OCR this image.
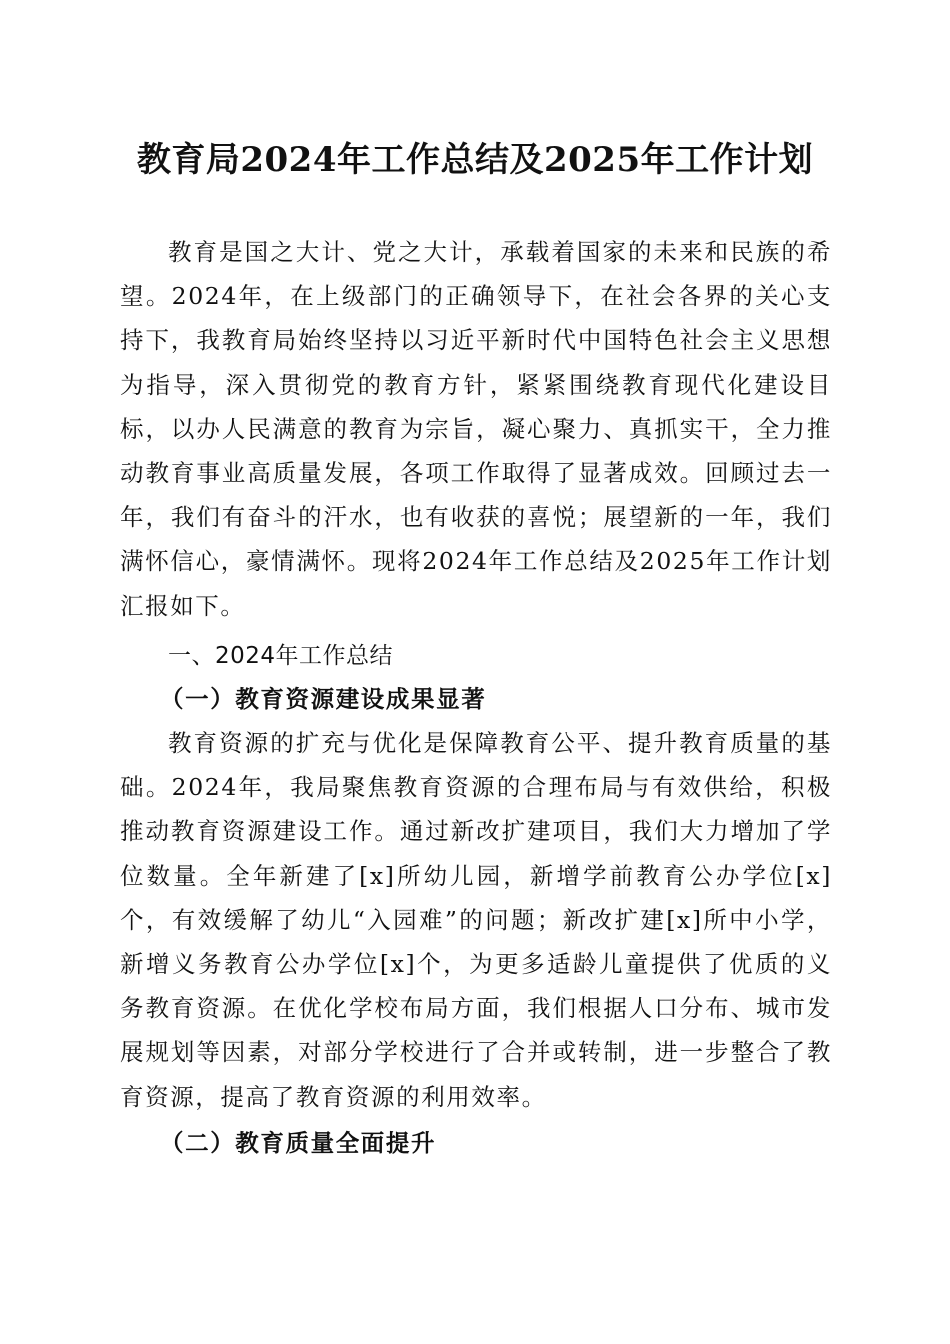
教育局2024年工作总结及2025年工作计划

教育是国之大计、党之大计，承载着国家的未来和民族的希望。2024年，在上级部门的正确领导下，在社会各界的关心支持下，我教育局始终坚持以习近平新时代中国特色社会主义思想为指导，深入贯彻党的教育方针，紧紧围绕教育现代化建设目标，以办人民满意的教育为宗旨，凝心聚力、真抓实干，全力推动教育事业高质量发展，各项工作取得了显著成效。回顾过去一年，我们有奋斗的汗水，也有收获的喜悦；展望新的一年，我们满怀信心，豪情满怀。现将2024年工作总结及2025年工作计划汇报如下。

一、2024年工作总结
（一）教育资源建设成果显著

教育资源的扩充与优化是保障教育公平、提升教育质量的基础。2024年，我局聚焦教育资源的合理布局与有效供给，积极推动教育资源建设工作。通过新改扩建项目，我们大力增加了学位数量。全年新建了[x]所幼儿园，新增学前教育公办学位[x]个，有效缓解了幼儿“入园难”的问题；新改扩建[x]所中小学，新增义务教育公办学位[x]个，为更多适龄儿童提供了优质的义务教育资源。在优化学校布局方面，我们根据人口分布、城市发展规划等因素，对部分学校进行了合并或转制，进一步整合了教育资源，提高了教育资源的利用效率。

（二）教育质量全面提升
